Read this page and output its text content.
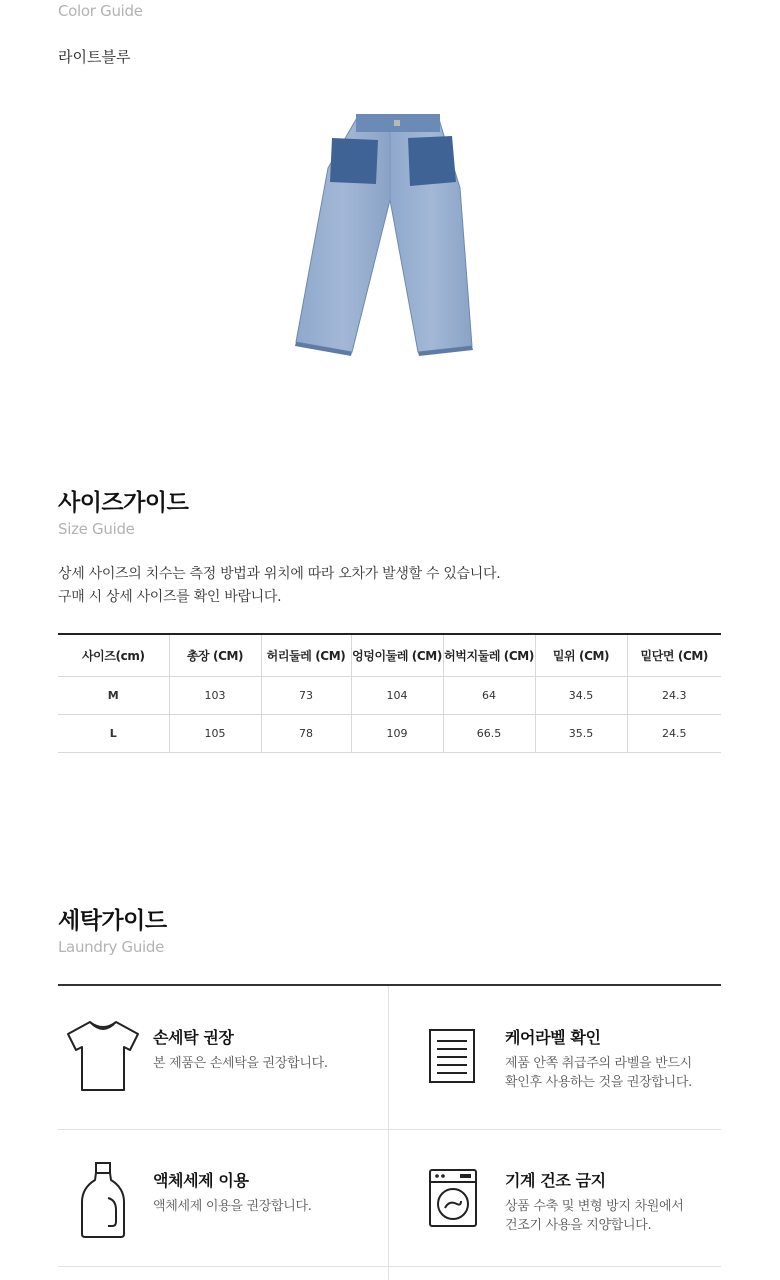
Color Guide
라이트블루
사이즈가이드
Size Guide
상세 사이즈의 치수는 측정 방법과 위치에 따라 오차가 발생할 수 있습니다.
구매 시 상세 사이즈를 확인 바랍니다.
사이즈(cm)	총장 (CM)	허리둘레 (CM)	엉덩이둘레 (CM)	허벅지둘레 (CM)	밑위 (CM)	밑단면 (CM)
M	103	73	104	64	34.5	24.3
L	105	78	109	66.5	35.5	24.5
세탁가이드
Laundry Guide
손세탁 권장
본 제품은 손세탁을 권장합니다.
케어라벨 확인
제품 안쪽 취급주의 라벨을 반드시
확인후 사용하는 것을 권장합니다.
액체세제 이용
액체세제 이용을 권장합니다.
기계 건조 금지
상품 수축 및 변형 방지 차원에서
건조기 사용을 지양합니다.
